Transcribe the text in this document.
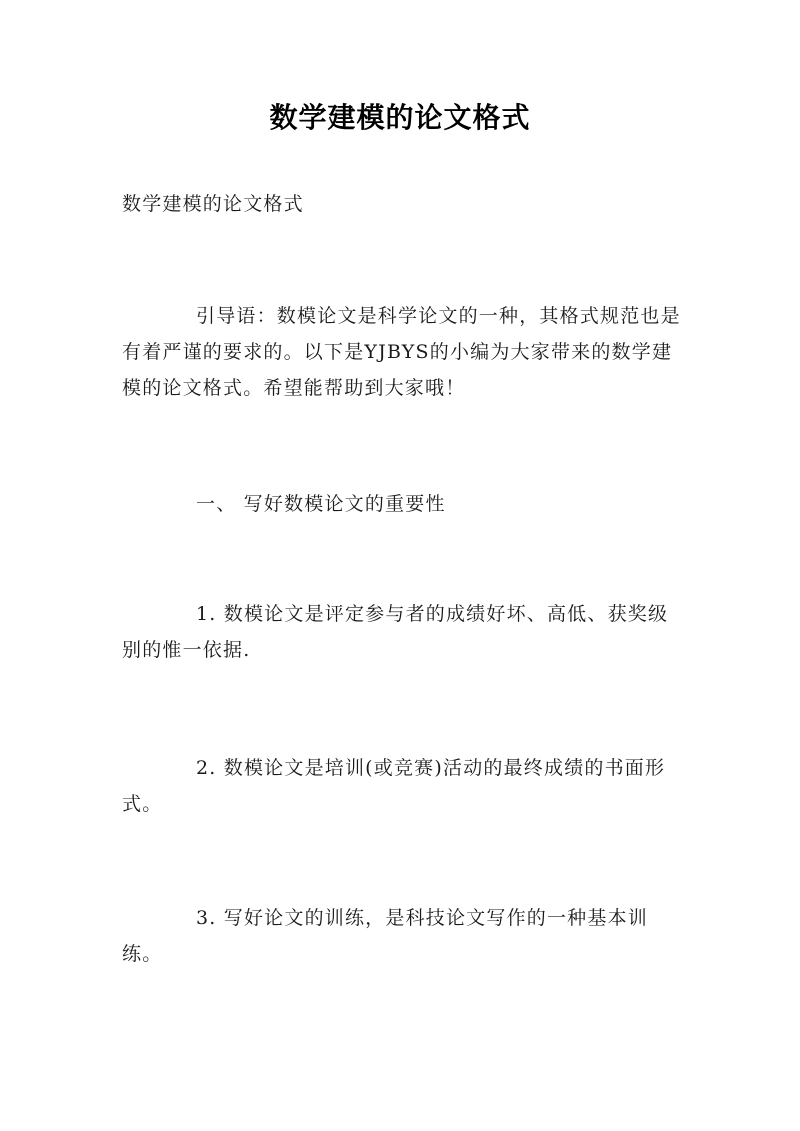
数学建模的论文格式
数学建模的论文格式
引导语：数模论文是科学论文的一种，其格式规范也是有着严谨的要求的。以下是YJBYS的小编为大家带来的数学建模的论文格式。希望能帮助到大家哦！
一、 写好数模论文的重要性
1. 数模论文是评定参与者的成绩好坏、高低、获奖级别的惟一依据.
2. 数模论文是培训(或竞赛)活动的最终成绩的书面形式。
3. 写好论文的训练，是科技论文写作的一种基本训练。
